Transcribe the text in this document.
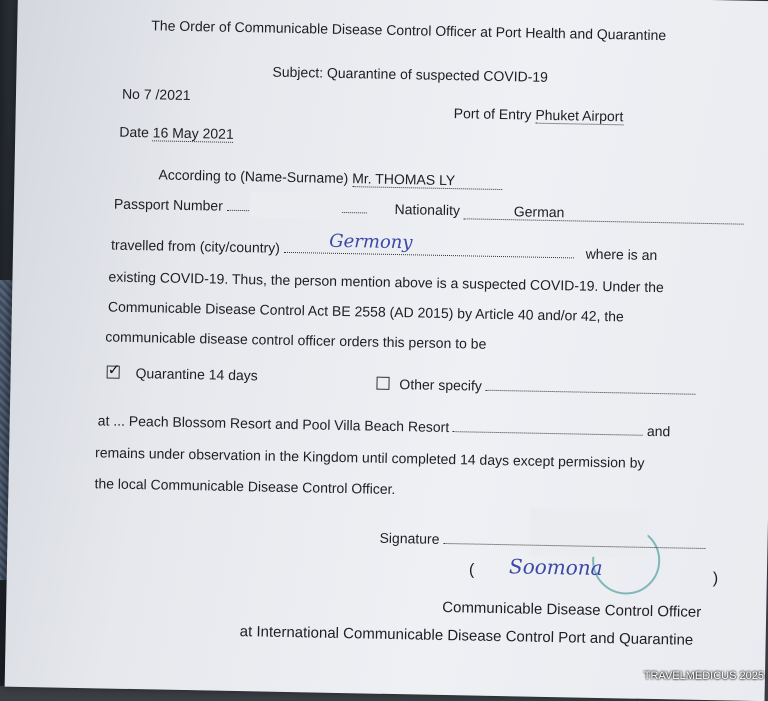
The Order of Communicable Disease Control Officer at Port Health and Quarantine
Subject: Quarantine of suspected COVID-19
No 7 /2021
Port of Entry Phuket Airport
Date 16 May 2021
According to (Name-Surname) Mr. THOMAS LY
Passport Number	Nationality	German
travelled from (city/country)	where is an
Germony
existing COVID-19. Thus, the person mention above is a suspected COVID-19. Under the
Communicable Disease Control Act BE 2558 (AD 2015) by Article 40 and/or 42, the
communicable disease control officer orders this person to be
✓ Quarantine 14 days
Other specify
at ... Peach Blossom Resort and Pool Villa Beach Resort	and
remains under observation in the Kingdom until completed 14 days except permission by
the local Communicable Disease Control Officer.
Signature
( Soomona	)
Communicable Disease Control Officer
at International Communicable Disease Control Port and Quarantine
TRAVELMEDICUS 2025
